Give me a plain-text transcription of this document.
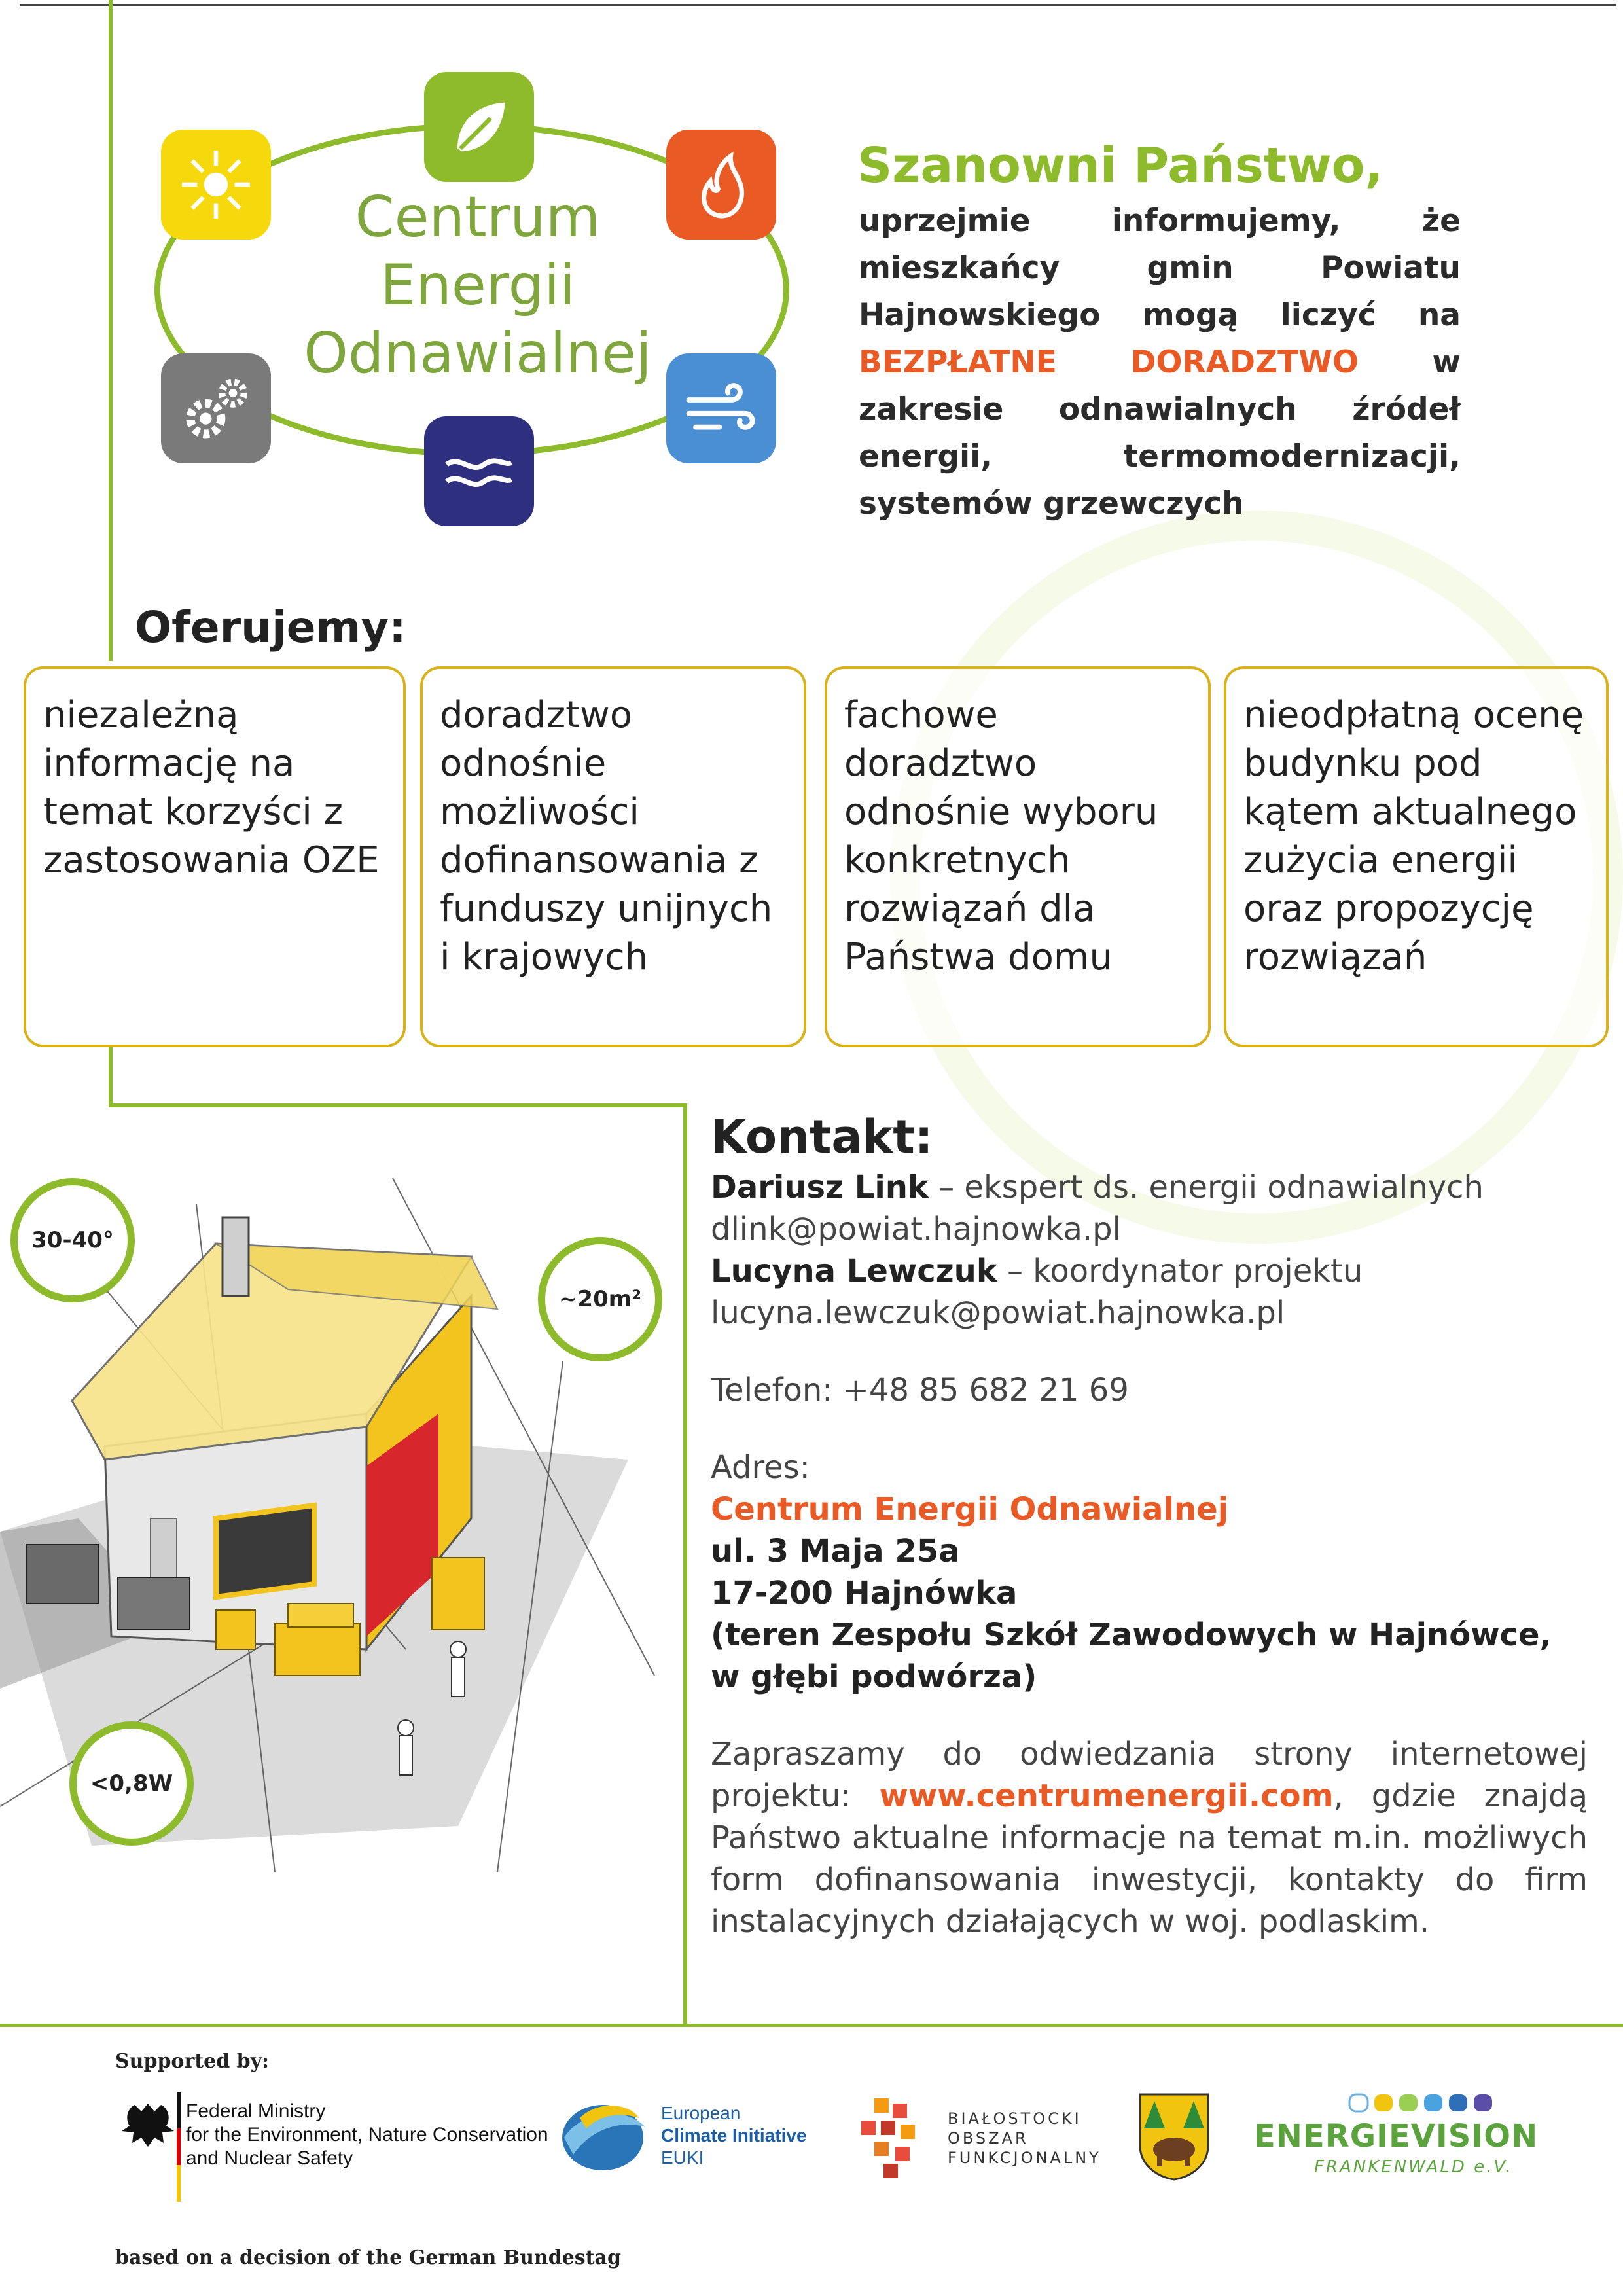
Centrum
Energii
Odnawialnej
Szanowni Państwo,
uprzejmie informujemy, że mieszkańcy gmin Powiatu Hajnowskiego mogą liczyć na BEZPŁATNE DORADZTWO w zakresie odnawialnych źródeł energii, termomodernizacji, systemów grzewczych
Oferujemy:
niezależną informację na temat korzyści z zastosowania OZE
doradztwo odnośnie możliwości dofinansowania z funduszy unijnych i krajowych
fachowe doradztwo odnośnie wyboru konkretnych rozwiązań dla Państwa domu
nieodpłatną ocenę budynku pod kątem aktualnego zużycia energii oraz propozycję rozwiązań
30-40°
~20m²
<0,8W
Kontakt:
Dariusz Link – ekspert ds. energii odnawialnych
dlink@powiat.hajnowka.pl
Lucyna Lewczuk – koordynator projektu
lucyna.lewczuk@powiat.hajnowka.pl
Telefon: +48 85 682 21 69
Adres:
Centrum Energii Odnawialnej
ul. 3 Maja 25a
17-200 Hajnówka
(teren Zespołu Szkół Zawodowych w Hajnówce,
w głębi podwórza)
Zapraszamy do odwiedzania strony internetowej projektu: www.centrumenergii.com, gdzie znajdą Państwo aktualne informacje na temat m.in. możliwych form dofinansowania inwestycji, kontakty do firm instalacyjnych działających w woj. podlaskim.
Supported by:
Federal Ministry
for the Environment, Nature Conservation
and Nuclear Safety
European
Climate Initiative
EUKI
BIAŁOSTOCKI
OBSZAR
FUNKCJONALNY
ENERGIEVISION
FRANKENWALD e.V.
based on a decision of the German Bundestag
